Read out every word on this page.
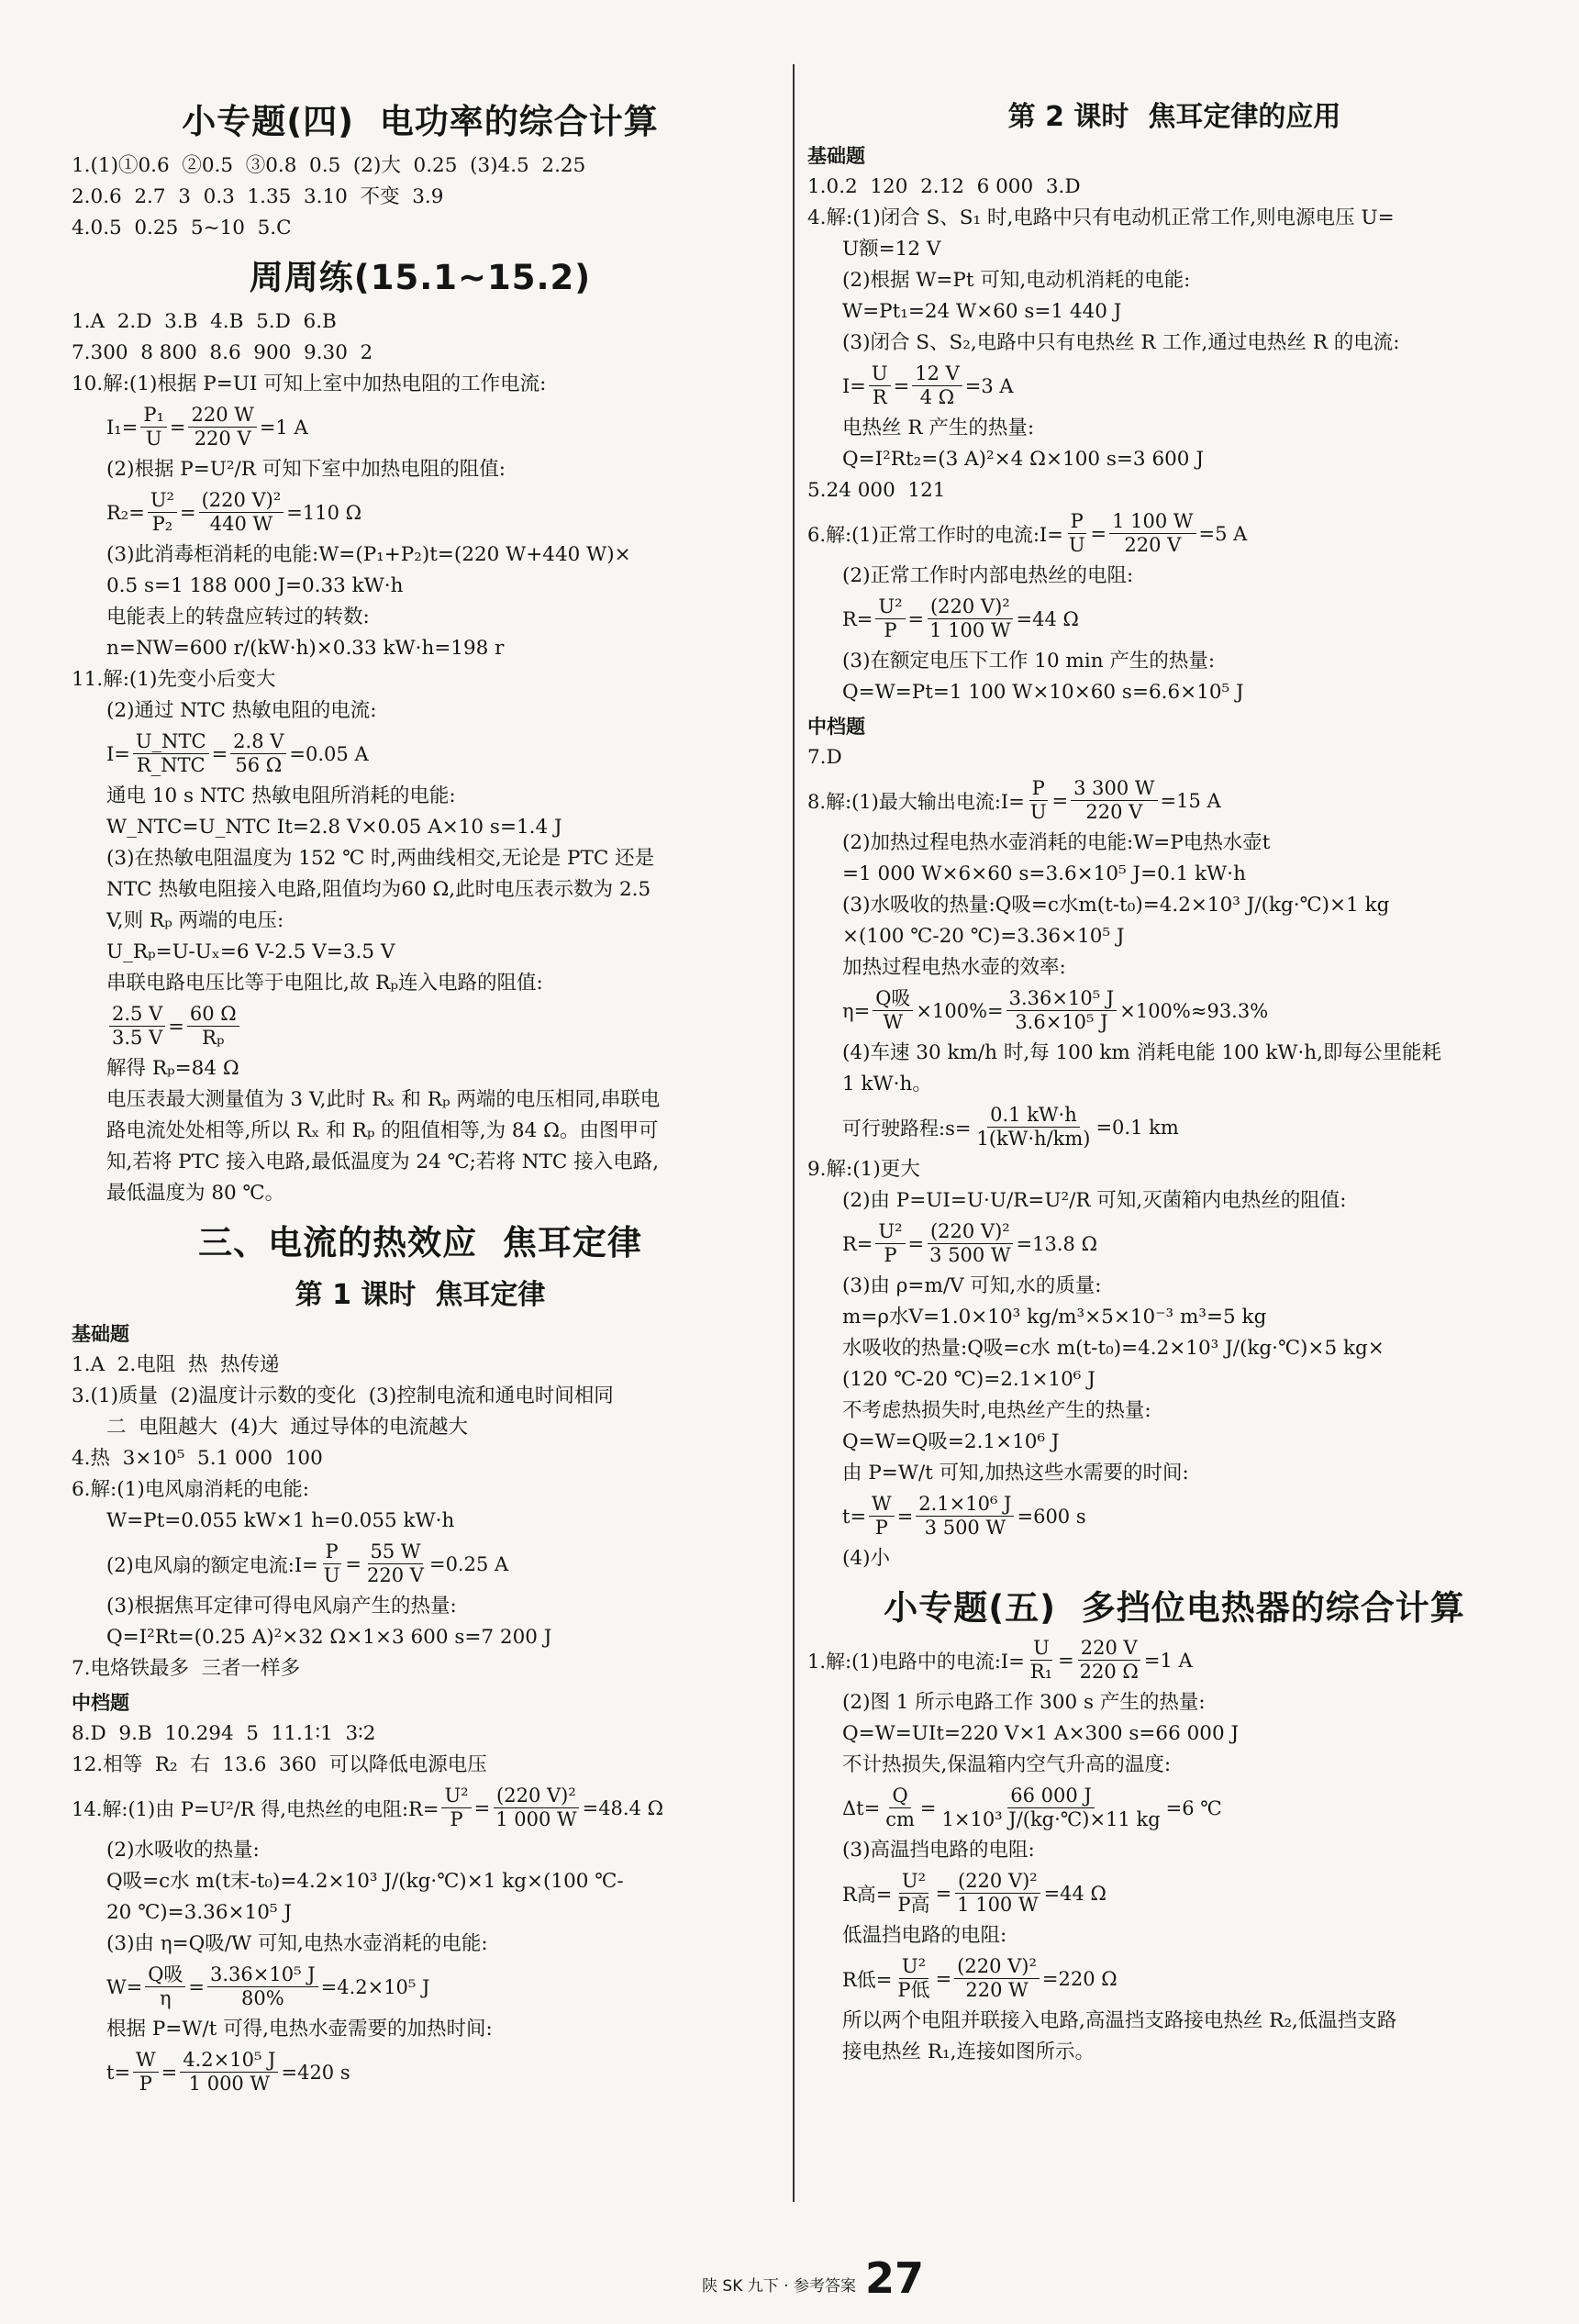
小专题(四)  电功率的综合计算
1.(1)①0.6  ②0.5  ③0.8  0.5  (2)大  0.25  (3)4.5  2.25
2.0.6  2.7  3  0.3  1.35  3.10  不变  3.9
4.0.5  0.25  5~10  5.C
周周练(15.1~15.2)
1.A  2.D  3.B  4.B  5.D  6.B
7.300  8 800  8.6  900  9.30  2
10.解:(1)根据 P=UI 可知上室中加热电阻的工作电流:
$I_1= \frac{\text{P₁}}{U} = \frac{220 W}{220 V} =1$ A
(2)根据 P=U²/R 可知下室中加热电阻的阻值:
$R_2= \frac{\text{U²}}{\text{P₂}} = \frac{\text{(220 V)²}}{440 W} =110$ Ω
(3)此消毒柜消耗的电能:W=(P₁+P₂)t=(220 W+440 W)×
0.5 s=1 188 000 J=0.33 kW·h
电能表上的转盘应转过的转数:
n=NW=600 r/(kW·h)×0.33 kW·h=198 r
11.解:(1)先变小后变大
(2)通过 NTC 热敏电阻的电流:
$I= \frac{\text{U\_NTC}}{\text{R\_NTC}} = \frac{2.8 V}{56 \Omega} =0.05$ A
通电 10 s NTC 热敏电阻所消耗的电能:
W_NTC=U_NTC It=2.8 V×0.05 A×10 s=1.4 J
(3)在热敏电阻温度为 152 ℃ 时,两曲线相交,无论是 PTC 还是
NTC 热敏电阻接入电路,阻值均为60 Ω,此时电压表示数为 2.5
V,则 Rₚ 两端的电压:
U_Rₚ=U-Uₓ=6 V-2.5 V=3.5 V
串联电路电压比等于电阻比,故 Rₚ连入电路的阻值:
$\frac{2.5 V}{3.5 V} = \frac{60 \Omega}{\text{Rₚ}}$
解得 Rₚ=84 Ω
电压表最大测量值为 3 V,此时 Rₓ 和 Rₚ 两端的电压相同,串联电
路电流处处相等,所以 Rₓ 和 Rₚ 的阻值相等,为 84 Ω。由图甲可
知,若将 PTC 接入电路,最低温度为 24 ℃;若将 NTC 接入电路,
最低温度为 80 ℃。
三、电流的热效应  焦耳定律
第 1 课时  焦耳定律
基础题
1.A  2.电阻  热  热传递
3.(1)质量  (2)温度计示数的变化  (3)控制电流和通电时间相同
二  电阻越大  (4)大  通过导体的电流越大
4.热  3×10⁵  5.1 000  100
6.解:(1)电风扇消耗的电能:
W=Pt=0.055 kW×1 h=0.055 kW·h
(2)电风扇的额定电流:I= $\frac{P}{U} = \frac{55 W}{220 V} =0.25$ A
(3)根据焦耳定律可得电风扇产生的热量:
Q=I²Rt=(0.25 A)²×32 Ω×1×3 600 s=7 200 J
7.电烙铁最多  三者一样多
中档题
8.D  9.B  10.294  5  11.1∶1  3∶2
12.相等  R₂  右  13.6  360  可以降低电源电压
14.解:(1)由 P=U²/R 得,电热丝的电阻:R= $\frac{\text{U²}}{P} = \frac{\text{(220 V)²}}{1 000 W} =48.4$ Ω
(2)水吸收的热量:
Q吸=c水 m(t末-t₀)=4.2×10³ J/(kg·℃)×1 kg×(100 ℃-
20 ℃)=3.36×10⁵ J
(3)由 η=Q吸/W 可知,电热水壶消耗的电能:
$W= \frac{\text{Q吸}}{\eta} = \frac{\text{3.36×10⁵ J}}{80\%} =4.2\times 10^5$ J
根据 P=W/t 可得,电热水壶需要的加热时间:
$t= \frac{W}{P} = \frac{\text{4.2×10⁵ J}}{1 000 W} =420$ s
第 2 课时  焦耳定律的应用
基础题
1.0.2  120  2.12  6 000  3.D
4.解:(1)闭合 S、S₁ 时,电路中只有电动机正常工作,则电源电压 U=
U额=12 V
(2)根据 W=Pt 可知,电动机消耗的电能:
W=Pt₁=24 W×60 s=1 440 J
(3)闭合 S、S₂,电路中只有电热丝 R 工作,通过电热丝 R 的电流:
$I= \frac{U}{R} = \frac{12 V}{4 \Omega} =3$ A
电热丝 R 产生的热量:
Q=I²Rt₂=(3 A)²×4 Ω×100 s=3 600 J
5.24 000  121
6.解:(1)正常工作时的电流:I= $\frac{P}{U} = \frac{1 100 W}{220 V} =5$ A
(2)正常工作时内部电热丝的电阻:
$R= \frac{\text{U²}}{P} = \frac{\text{(220 V)²}}{1 100 W} =44$ Ω
(3)在额定电压下工作 10 min 产生的热量:
Q=W=Pt=1 100 W×10×60 s=6.6×10⁵ J
中档题
7.D
8.解:(1)最大输出电流:I= $\frac{P}{U} = \frac{3 300 W}{220 V} =15$ A
(2)加热过程电热水壶消耗的电能:W=P电热水壶t
=1 000 W×6×60 s=3.6×10⁵ J=0.1 kW·h
(3)水吸收的热量:Q吸=c水m(t-t₀)=4.2×10³ J/(kg·℃)×1 kg
×(100 ℃-20 ℃)=3.36×10⁵ J
加热过程电热水壶的效率:
$\eta= \frac{\text{Q吸}}{W} \times 100\%= \frac{\text{3.36×10⁵ J}}{\text{3.6×10⁵ J}} \times 100\%\approx 93.3\%$
(4)车速 30 km/h 时,每 100 km 消耗电能 100 kW·h,即每公里能耗
1 kW·h。
可行驶路程:s= $\frac{0.1 kW\cdot h}{1(kW\cdot h/km)} =0.1$ km
9.解:(1)更大
(2)由 P=UI=U·U/R=U²/R 可知,灭菌箱内电热丝的阻值:
$R= \frac{\text{U²}}{P} = \frac{\text{(220 V)²}}{3 500 W} =13.8$ Ω
(3)由 ρ=m/V 可知,水的质量:
m=ρ水V=1.0×10³ kg/m³×5×10⁻³ m³=5 kg
水吸收的热量:Q吸=c水 m(t-t₀)=4.2×10³ J/(kg·℃)×5 kg×
(120 ℃-20 ℃)=2.1×10⁶ J
不考虑热损失时,电热丝产生的热量:
Q=W=Q吸=2.1×10⁶ J
由 P=W/t 可知,加热这些水需要的时间:
$t= \frac{W}{P} = \frac{\text{2.1×10⁶ J}}{3 500 W} =600$ s
(4)小
小专题(五)  多挡位电热器的综合计算
1.解:(1)电路中的电流:I= $\frac{U}{\text{R₁}} = \frac{220 V}{220 \Omega} =1$ A
(2)图 1 所示电路工作 300 s 产生的热量:
Q=W=UIt=220 V×1 A×300 s=66 000 J
不计热损失,保温箱内空气升高的温度:
$\Delta t= \frac{Q}{cm} = \frac{66 000 J}{\text{1×10³ J/(kg·℃)×11 kg}} =6$ ℃
(3)高温挡电路的电阻:
R高= $\frac{\text{U²}}{\text{P高}} = \frac{\text{(220 V)²}}{1 100 W} =44$ Ω
低温挡电路的电阻:
R低= $\frac{\text{U²}}{\text{P低}} = \frac{\text{(220 V)²}}{220 W} =220$ Ω
所以两个电阻并联接入电路,高温挡支路接电热丝 R₂,低温挡支路
接电热丝 R₁,连接如图所示。
陕 SK 九下 · 参考答案 27
